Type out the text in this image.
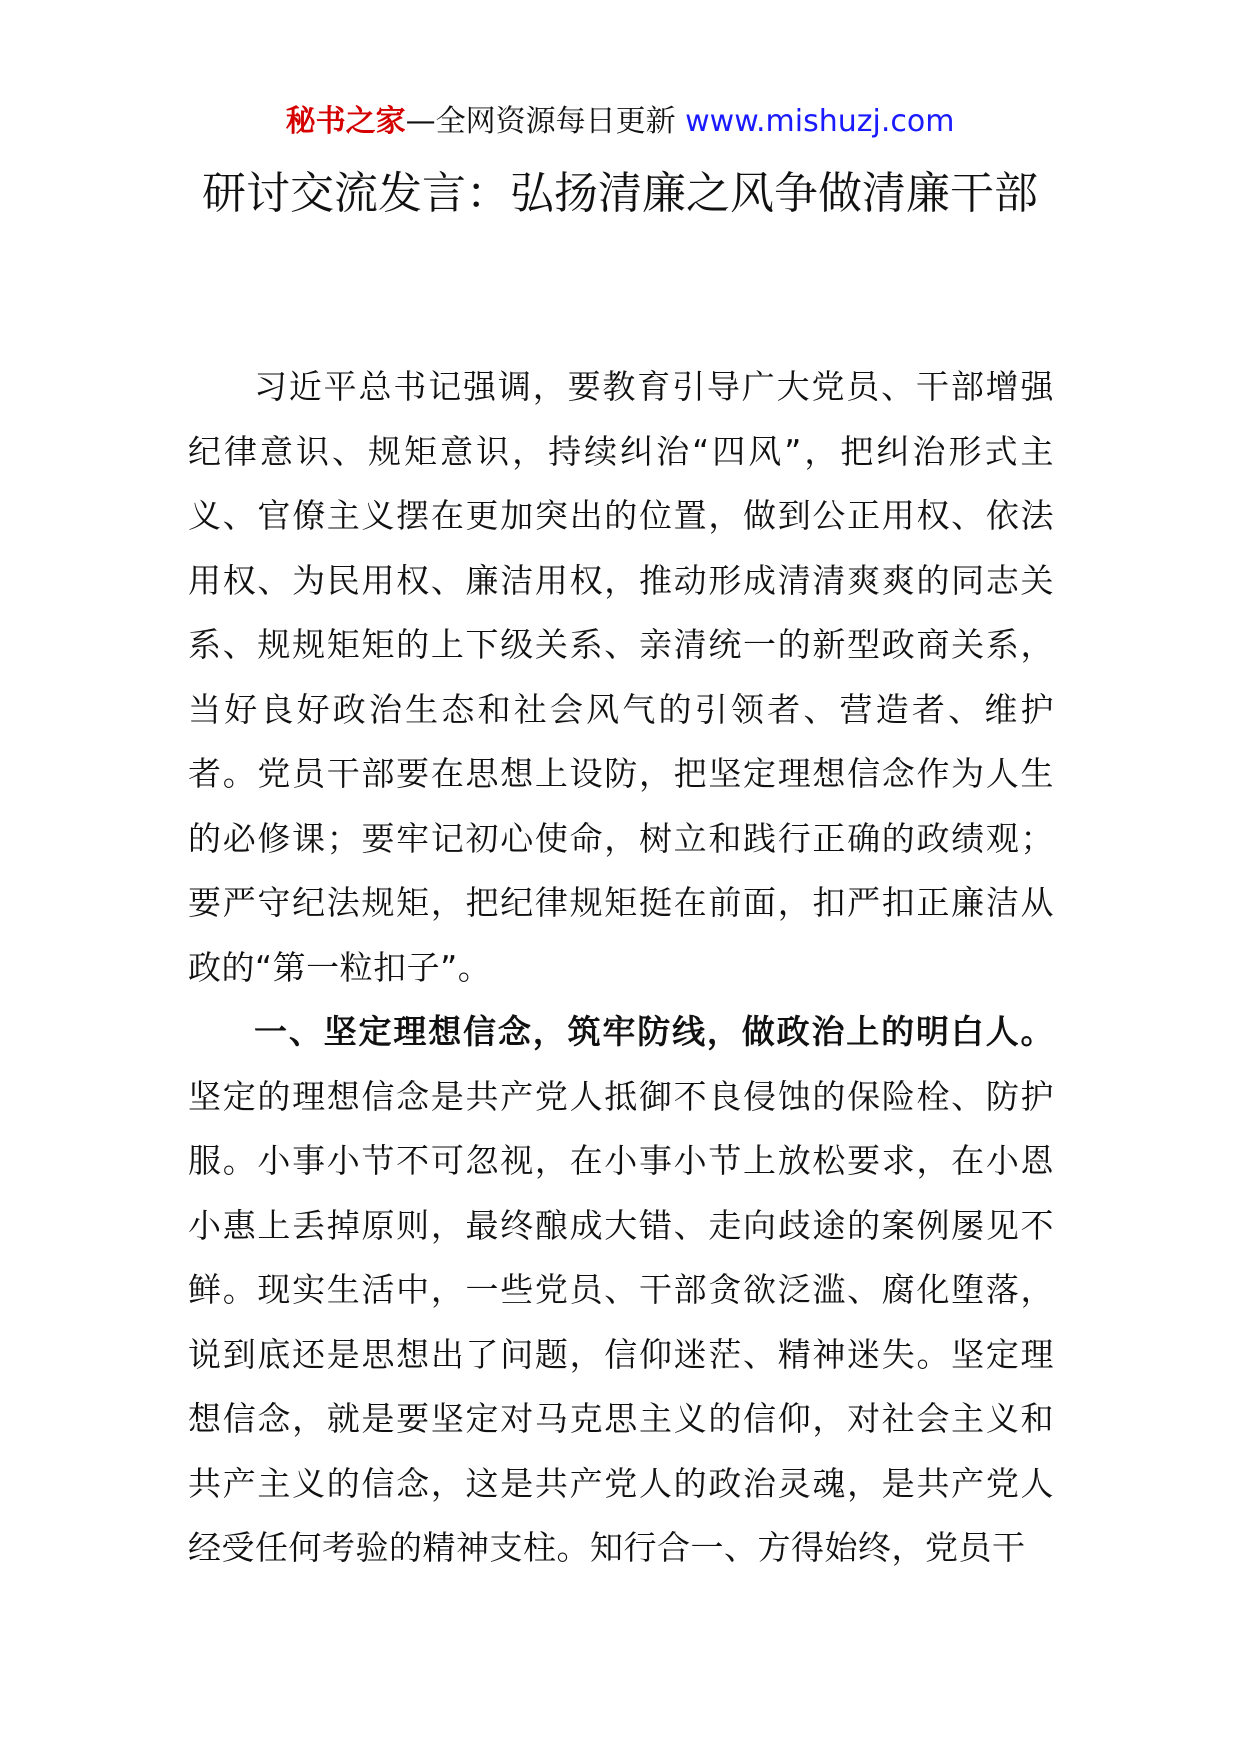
秘书之家—全网资源每日更新 www.mishuzj.com
研讨交流发言：弘扬清廉之风争做清廉干部

习近平总书记强调，要教育引导广大党员、干部增强纪律意识、规矩意识，持续纠治“四风”，把纠治形式主义、官僚主义摆在更加突出的位置，做到公正用权、依法用权、为民用权、廉洁用权，推动形成清清爽爽的同志关系、规规矩矩的上下级关系、亲清统一的新型政商关系，当好良好政治生态和社会风气的引领者、营造者、维护者。党员干部要在思想上设防，把坚定理想信念作为人生的必修课；要牢记初心使命，树立和践行正确的政绩观；要严守纪法规矩，把纪律规矩挺在前面，扣严扣正廉洁从政的“第一粒扣子”。

一、坚定理想信念，筑牢防线，做政治上的明白人。坚定的理想信念是共产党人抵御不良侵蚀的保险栓、防护服。小事小节不可忽视，在小事小节上放松要求，在小恩小惠上丢掉原则，最终酿成大错、走向歧途的案例屡见不鲜。现实生活中，一些党员、干部贪欲泛滥、腐化堕落，说到底还是思想出了问题，信仰迷茫、精神迷失。坚定理想信念，就是要坚定对马克思主义的信仰，对社会主义和共产主义的信念，这是共产党人的政治灵魂，是共产党人经受任何考验的精神支柱。知行合一、方得始终，党员干
